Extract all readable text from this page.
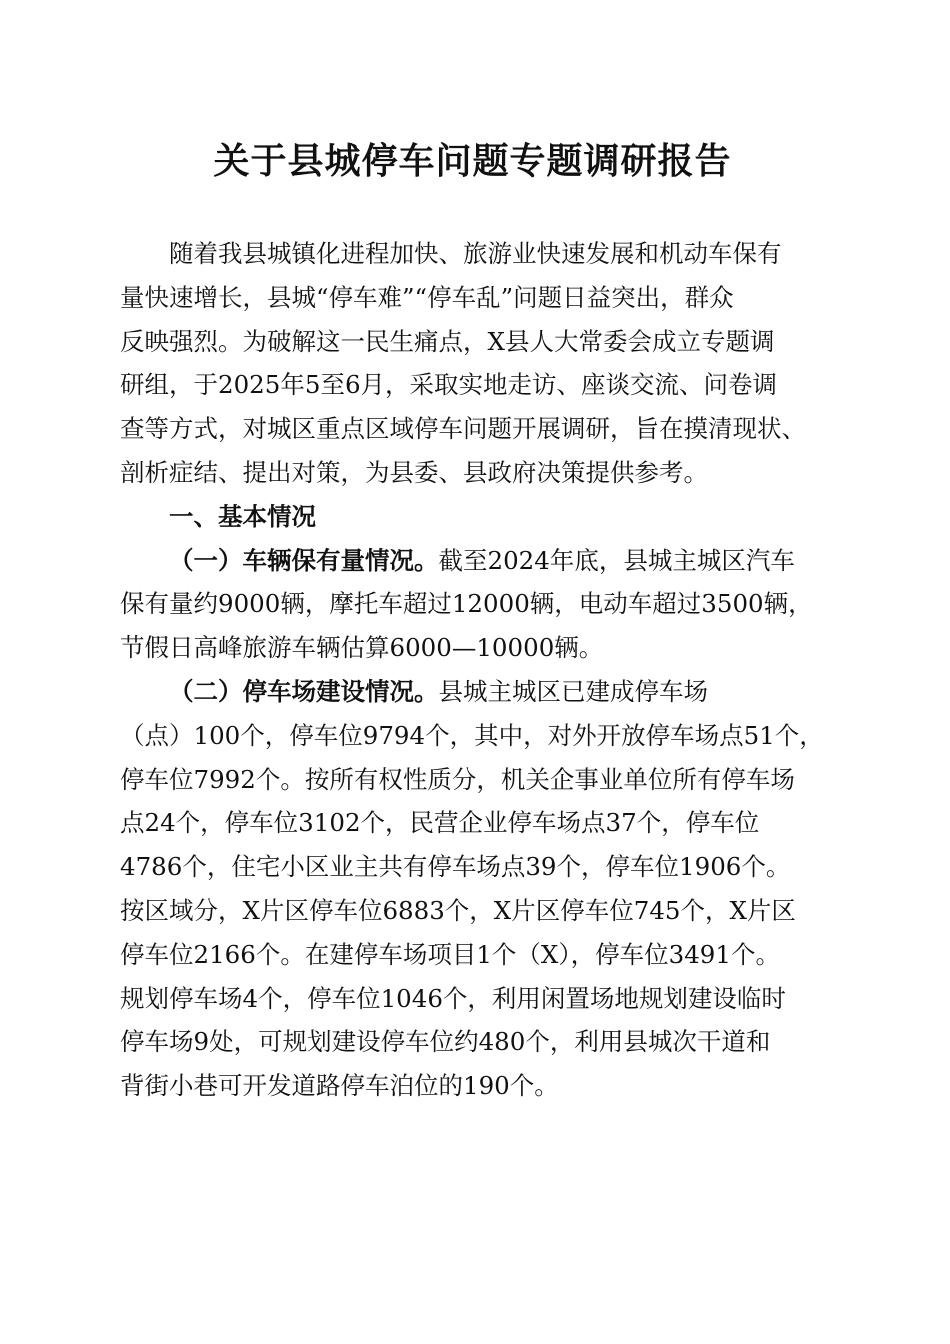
关于县城停车问题专题调研报告
随着我县城镇化进程加快、旅游业快速发展和机动车保有
量快速增长，县城“停车难”“停车乱”问题日益突出，群众
反映强烈。为破解这一民生痛点，X县人大常委会成立专题调
研组，于2025年5至6月，采取实地走访、座谈交流、问卷调
查等方式，对城区重点区域停车问题开展调研，旨在摸清现状、
剖析症结、提出对策，为县委、县政府决策提供参考。
一、基本情况
（一）车辆保有量情况。截至2024年底，县城主城区汽车
保有量约9000辆，摩托车超过12000辆，电动车超过3500辆，
节假日高峰旅游车辆估算6000—10000辆。
（二）停车场建设情况。县城主城区已建成停车场
（点）100个，停车位9794个，其中，对外开放停车场点51个，
停车位7992个。按所有权性质分，机关企事业单位所有停车场
点24个，停车位3102个，民营企业停车场点37个，停车位
4786个，住宅小区业主共有停车场点39个，停车位1906个。
按区域分，X片区停车位6883个，X片区停车位745个，X片区
停车位2166个。在建停车场项目1个（X），停车位3491个。
规划停车场4个，停车位1046个，利用闲置场地规划建设临时
停车场9处，可规划建设停车位约480个，利用县城次干道和
背街小巷可开发道路停车泊位的190个。
